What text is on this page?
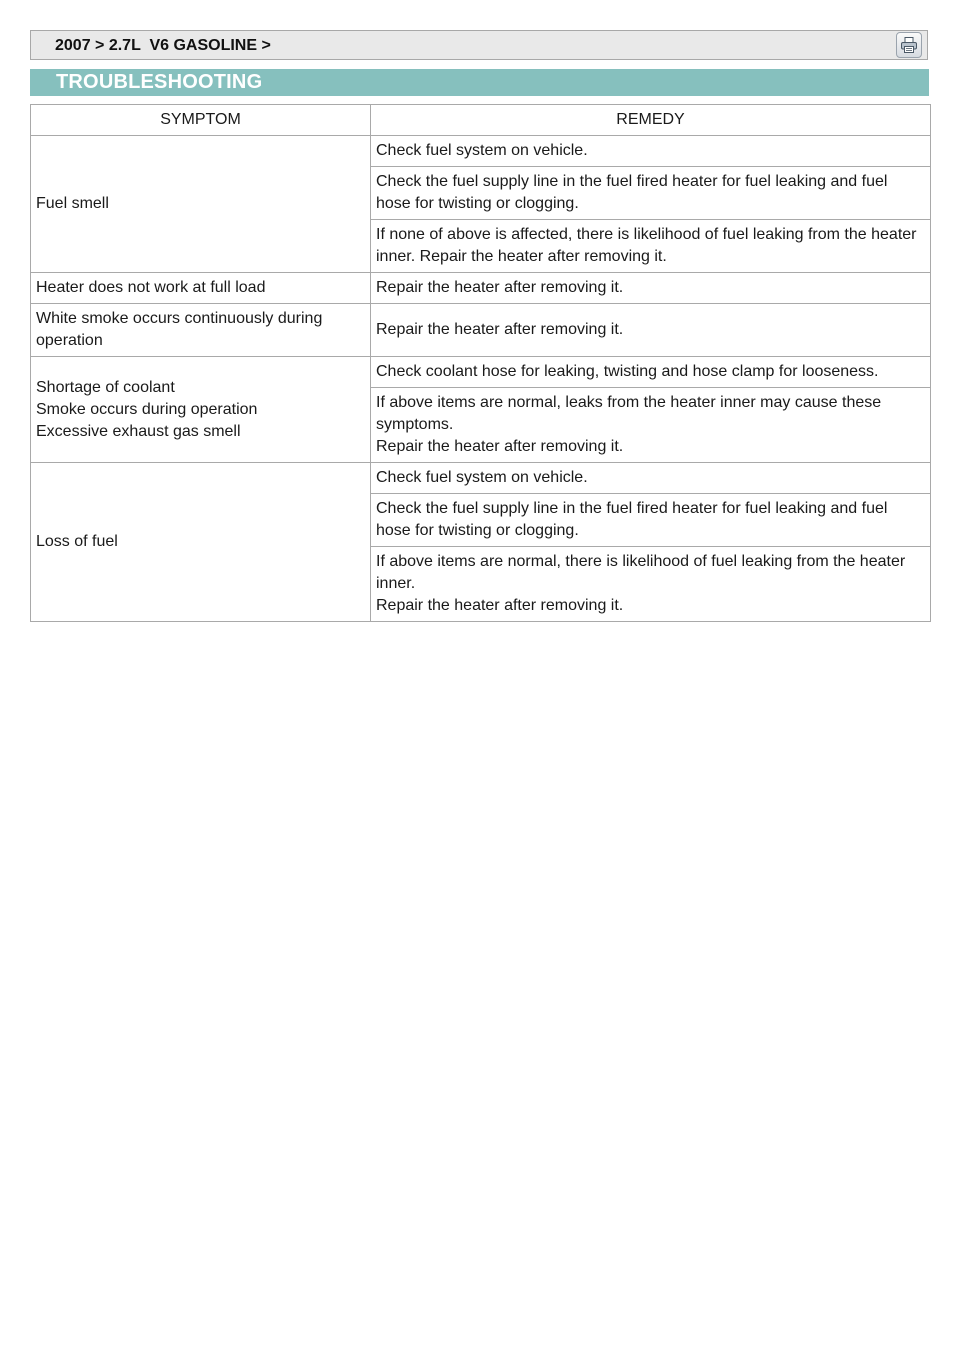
2007 > 2.7L  V6 GASOLINE >
TROUBLESHOOTING
SYMPTOM	REMEDY
Fuel smell	Check fuel system on vehicle.
	Check the fuel supply line in the fuel fired heater for fuel leaking and fuel hose for twisting or clogging.
	If none of above is affected, there is likelihood of fuel leaking from the heater inner. Repair the heater after removing it.
Heater does not work at full load	Repair the heater after removing it.
White smoke occurs continuously during operation	Repair the heater after removing it.
Shortage of coolant
Smoke occurs during operation
Excessive exhaust gas smell	Check coolant hose for leaking, twisting and hose clamp for looseness.
	If above items are normal, leaks from the heater inner may cause these symptoms.
Repair the heater after removing it.
Loss of fuel	Check fuel system on vehicle.
	Check the fuel supply line in the fuel fired heater for fuel leaking and fuel hose for twisting or clogging.
	If above items are normal, there is likelihood of fuel leaking from the heater inner.
Repair the heater after removing it.
